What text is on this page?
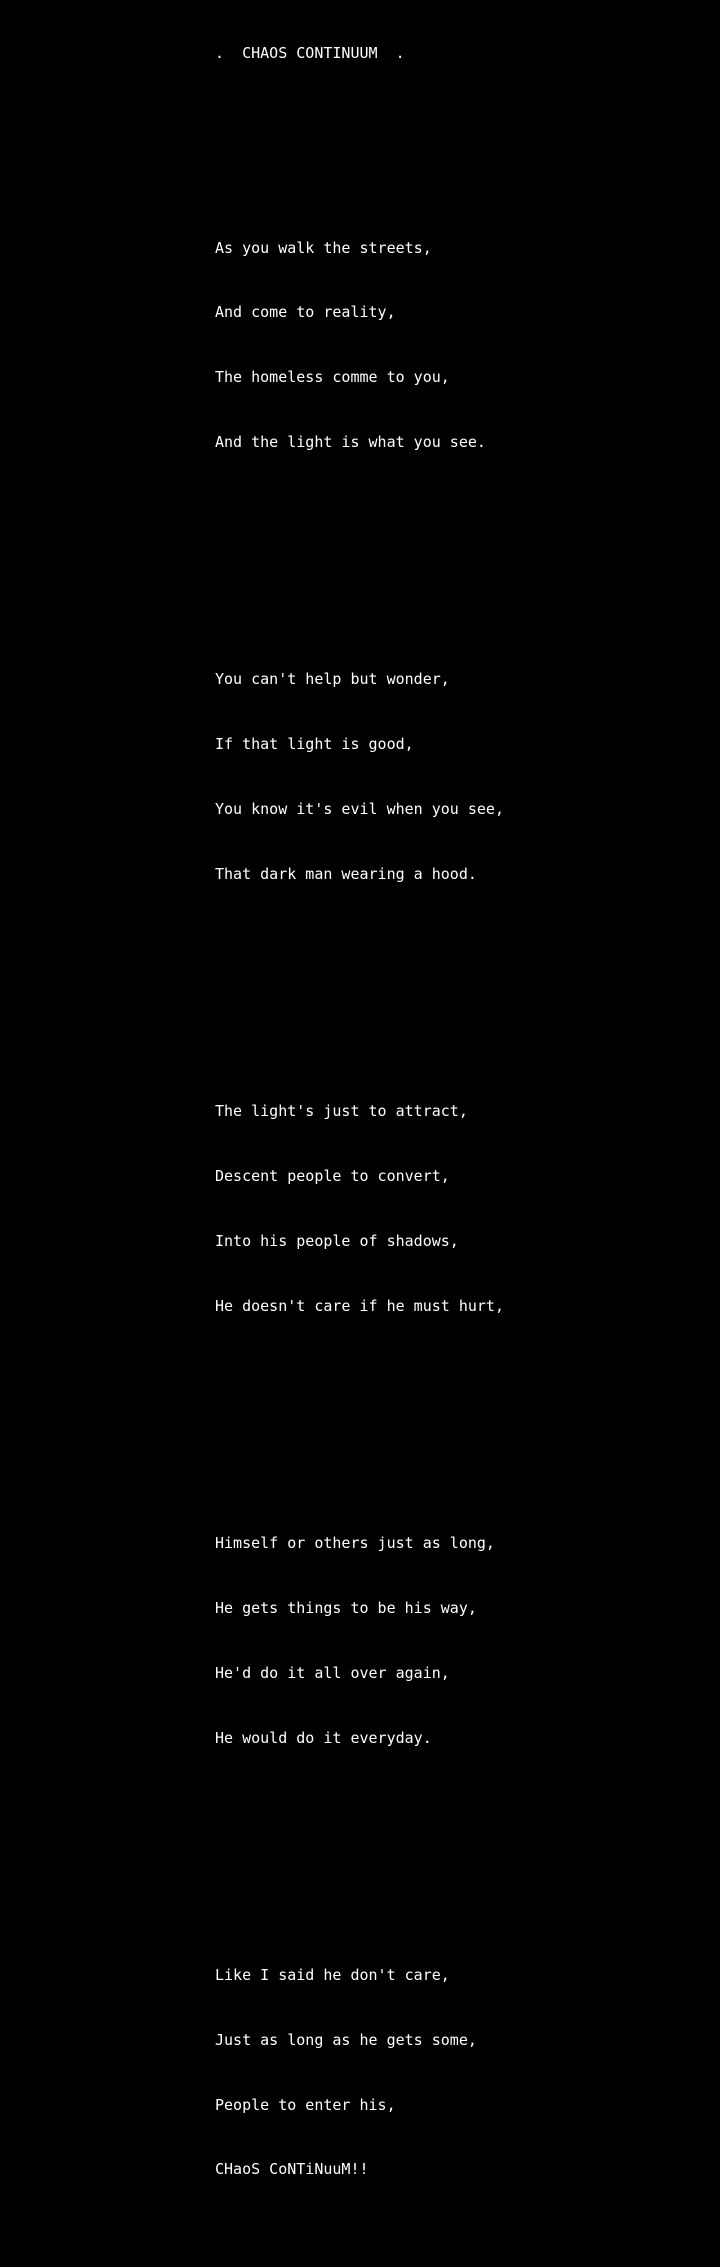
.  CHAOS CONTINUUM  .

As you walk the streets,

And come to reality,

The homeless comme to you,

And the light is what you see.

You can't help but wonder,

If that light is good,

You know it's evil when you see,

That dark man wearing a hood.

The light's just to attract,

Descent people to convert,

Into his people of shadows,

He doesn't care if he must hurt,

Himself or others just as long,

He gets things to be his way,

He'd do it all over again,

He would do it everyday.

Like I said he don't care,

Just as long as he gets some,

People to enter his,

CHaoS CoNTiNuuM!!
